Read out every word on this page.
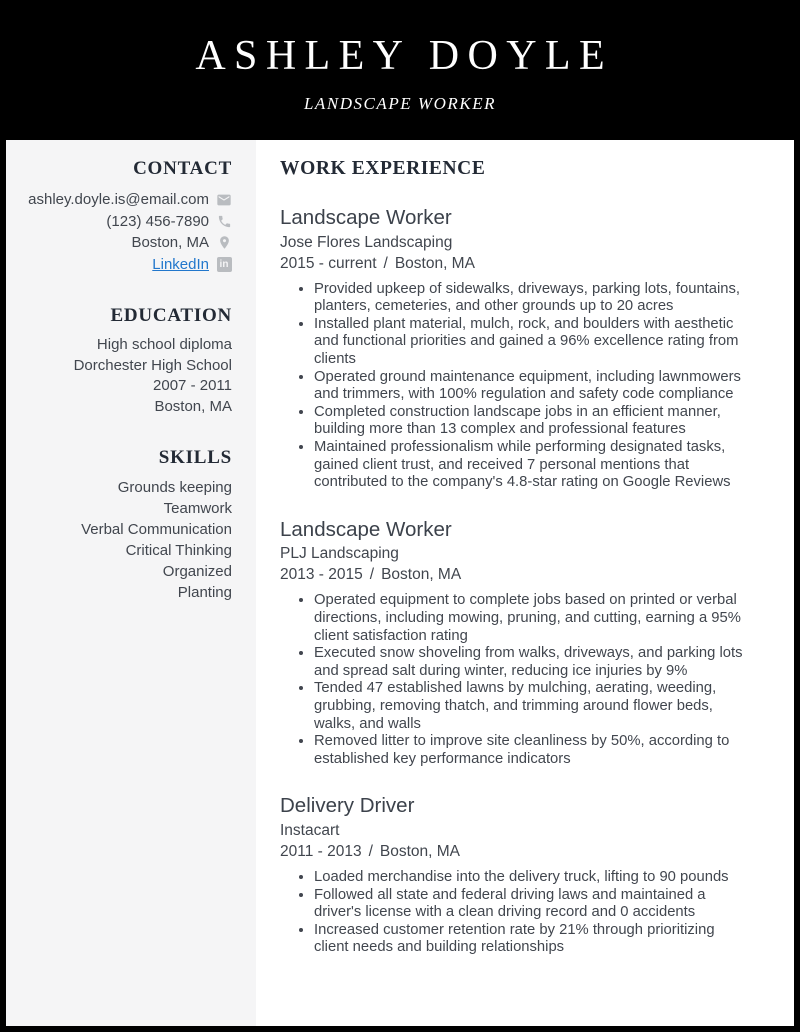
ASHLEY DOYLE
LANDSCAPE WORKER
CONTACT
ashley.doyle.is@email.com
(123) 456-7890
Boston, MA
LinkedIn	in
EDUCATION
High school diploma
Dorchester High School
2007 - 2011
Boston, MA
SKILLS
Grounds keeping
Teamwork
Verbal Communication
Critical Thinking
Organized
Planting
WORK EXPERIENCE
Landscape Worker
Jose Flores Landscaping
2015 - current / Boston, MA
• Provided upkeep of sidewalks, driveways, parking lots, fountains, planters, cemeteries, and other grounds up to 20 acres
• Installed plant material, mulch, rock, and boulders with aesthetic and functional priorities and gained a 96% excellence rating from clients
• Operated ground maintenance equipment, including lawnmowers and trimmers, with 100% regulation and safety code compliance
• Completed construction landscape jobs in an efficient manner, building more than 13 complex and professional features
• Maintained professionalism while performing designated tasks, gained client trust, and received 7 personal mentions that contributed to the company's 4.8-star rating on Google Reviews
Landscape Worker
PLJ Landscaping
2013 - 2015 / Boston, MA
• Operated equipment to complete jobs based on printed or verbal directions, including mowing, pruning, and cutting, earning a 95% client satisfaction rating
• Executed snow shoveling from walks, driveways, and parking lots and spread salt during winter, reducing ice injuries by 9%
• Tended 47 established lawns by mulching, aerating, weeding, grubbing, removing thatch, and trimming around flower beds, walks, and walls
• Removed litter to improve site cleanliness by 50%, according to established key performance indicators
Delivery Driver
Instacart
2011 - 2013 / Boston, MA
• Loaded merchandise into the delivery truck, lifting to 90 pounds
• Followed all state and federal driving laws and maintained a driver's license with a clean driving record and 0 accidents
• Increased customer retention rate by 21% through prioritizing client needs and building relationships
